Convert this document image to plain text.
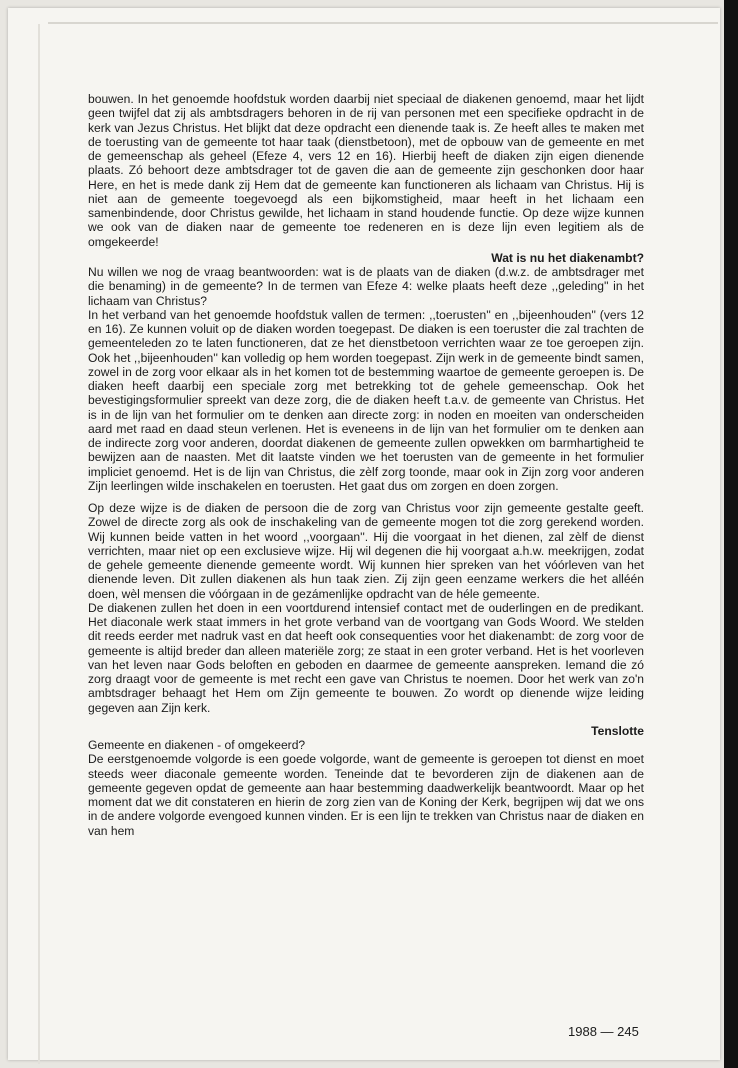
bouwen. In het genoemde hoofdstuk worden daarbij niet speciaal de diakenen genoemd, maar het lijdt geen twijfel dat zij als ambtsdragers behoren in de rij van personen met een specifieke opdracht in de kerk van Jezus Christus. Het blijkt dat deze opdracht een dienende taak is. Ze heeft alles te maken met de toerusting van de gemeente tot haar taak (dienstbetoon), met de opbouw van de gemeente en met de gemeenschap als geheel (Efeze 4, vers 12 en 16). Hierbij heeft de diaken zijn eigen dienende plaats. Zó behoort deze ambtsdrager tot de gaven die aan de gemeente zijn geschonken door haar Here, en het is mede dank zij Hem dat de gemeente kan functioneren als lichaam van Christus. Hij is niet aan de gemeente toegevoegd als een bijkomstigheid, maar heeft in het lichaam een samenbindende, door Christus gewilde, het lichaam in stand houdende functie. Op deze wijze kunnen we ook van de diaken naar de gemeente toe redeneren en is deze lijn even legitiem als de omgekeerde!

Wat is nu het diakenambt?

Nu willen we nog de vraag beantwoorden: wat is de plaats van de diaken (d.w.z. de ambtsdrager met die benaming) in de gemeente? In de termen van Efeze 4: welke plaats heeft deze ,,geleding'' in het lichaam van Christus?

In het verband van het genoemde hoofdstuk vallen de termen: ,,toerusten'' en ,,bijeenhouden'' (vers 12 en 16). Ze kunnen voluit op de diaken worden toegepast. De diaken is een toeruster die zal trachten de gemeenteleden zo te laten functioneren, dat ze het dienstbetoon verrichten waar ze toe geroepen zijn. Ook het ,,bijeenhouden'' kan volledig op hem worden toegepast. Zijn werk in de gemeente bindt samen, zowel in de zorg voor elkaar als in het komen tot de bestemming waartoe de gemeente geroepen is. De diaken heeft daarbij een speciale zorg met betrekking tot de gehele gemeenschap. Ook het bevestigingsformulier spreekt van deze zorg, die de diaken heeft t.a.v. de gemeente van Christus. Het is in de lijn van het formulier om te denken aan directe zorg: in noden en moeiten van onderscheiden aard met raad en daad steun verlenen. Het is eveneens in de lijn van het formulier om te denken aan de indirecte zorg voor anderen, doordat diakenen de gemeente zullen opwekken om barmhartigheid te bewijzen aan de naasten. Met dit laatste vinden we het toerusten van de gemeente in het formulier impliciet genoemd. Het is de lijn van Christus, die zèlf zorg toonde, maar ook in Zijn zorg voor anderen Zijn leerlingen wilde inschakelen en toerusten. Het gaat dus om zorgen en doen zorgen.

Op deze wijze is de diaken de persoon die de zorg van Christus voor zijn gemeente gestalte geeft. Zowel de directe zorg als ook de inschakeling van de gemeente mogen tot die zorg gerekend worden. Wij kunnen beide vatten in het woord ,,voorgaan''. Hij die voorgaat in het dienen, zal zèlf de dienst verrichten, maar niet op een exclusieve wijze. Hij wil degenen die hij voorgaat a.h.w. meekrijgen, zodat de gehele gemeente dienende gemeente wordt. Wij kunnen hier spreken van het vóórleven van het dienende leven. Dìt zullen diakenen als hun taak zien. Zij zijn geen eenzame werkers die het alléén doen, wèl mensen die vóórgaan in de gezámenlijke opdracht van de héle gemeente.

De diakenen zullen het doen in een voortdurend intensief contact met de ouderlingen en de predikant. Het diaconale werk staat immers in het grote verband van de voortgang van Gods Woord. We stelden dit reeds eerder met nadruk vast en dat heeft ook consequenties voor het diakenambt: de zorg voor de gemeente is altijd breder dan alleen materiële zorg; ze staat in een groter verband. Het is het voorleven van het leven naar Gods beloften en geboden en daarmee de gemeente aanspreken. Iemand die zó zorg draagt voor de gemeente is met recht een gave van Christus te noemen. Door het werk van zo'n ambtsdrager behaagt het Hem om Zijn gemeente te bouwen. Zo wordt op dienende wijze leiding gegeven aan Zijn kerk.

Tenslotte

Gemeente en diakenen - of omgekeerd?

De eerstgenoemde volgorde is een goede volgorde, want de gemeente is geroepen tot dienst en moet steeds weer diaconale gemeente worden. Teneinde dat te bevorderen zijn de diakenen aan de gemeente gegeven opdat de gemeente aan haar bestemming daadwerkelijk beantwoordt. Maar op het moment dat we dit constateren en hierin de zorg zien van de Koning der Kerk, begrijpen wij dat we ons in de andere volgorde evengoed kunnen vinden. Er is een lijn te trekken van Christus naar de diaken en van hem

1988 — 245
